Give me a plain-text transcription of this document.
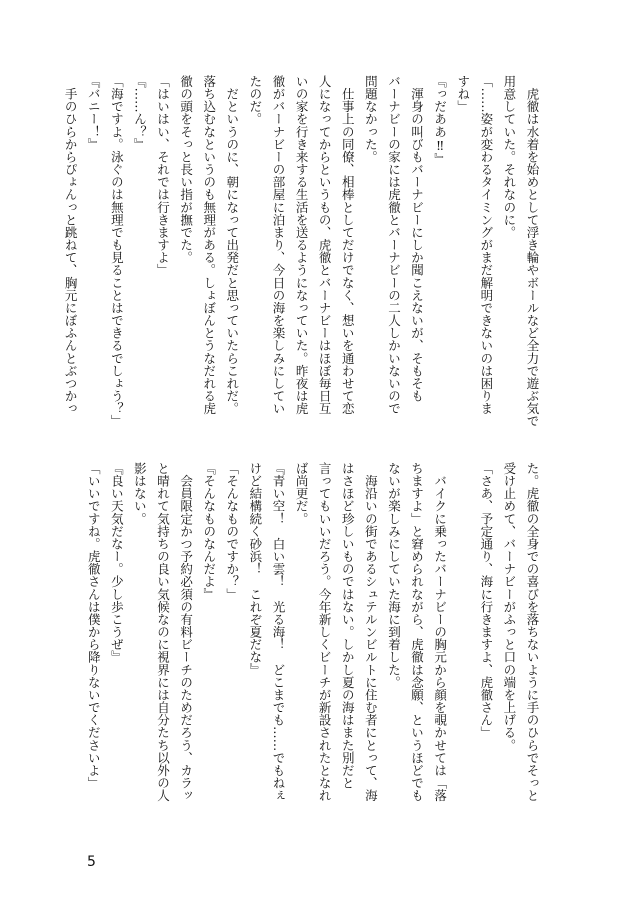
　虎徹は水着を始めとして浮き輪やボールなど全力で遊ぶ気で
用意していた。それなのに。
「……姿が変わるタイミングがまだ解明できないのは困りま
すね」
『っだああ‼』
　渾身の叫びもバーナビーにしか聞こえないが、そもそも
バーナビーの家には虎徹とバーナビーの二人しかいないので
問題なかった。
　仕事上の同僚、相棒としてだけでなく、想いを通わせて恋
人になってからというもの、虎徹とバーナビーはほぼ毎日互
いの家を行き来する生活を送るようになっていた。昨夜は虎
徹がバーナビーの部屋に泊まり、今日の海を楽しみにしてい
たのだ。
　だというのに、朝になって出発だと思っていたらこれだ。
落ち込むなというのも無理がある。しょぼんとうなだれる虎
徹の頭をそっと長い指が撫でた。
「はいはい、それでは行きますよ」
『……ん？』
「海ですよ。泳ぐのは無理でも見ることはできるでしょう？」
『バニー！』
　手のひらからぴょんっと跳ねて、胸元にぼふんとぶつかっ
た。虎徹の全身での喜びを落ちないように手のひらでそっと
受け止めて、バーナビーがふっと口の端を上げる。
「さあ、予定通り、海に行きますよ、虎徹さん」

　バイクに乗ったバーナビーの胸元から顔を覗かせては「落
ちますよ」と窘められながら、虎徹は念願、というほどでも
ないが楽しみにしていた海に到着した。
　海沿いの街であるシュテルンビルトに住む者にとって、海
はさほど珍しいものではない。しかし夏の海はまた別だと
言ってもいいだろう。今年新しくビーチが新設されたとなれ
ば尚更だ。
『青い空！　白い雲！　光る海！　どこまでも……でもねぇ
けど結構続く砂浜！　これぞ夏だな』
「そんなものですか？」
『そんなものなんだよ』
　会員限定かつ予約必須の有料ビーチのためだろう、カラッ
と晴れて気持ちの良い気候なのに視界には自分たち以外の人
影はない。
『良い天気だなー。少し歩こうぜ』
「いいですね。虎徹さんは僕から降りないでくださいよ」
5
